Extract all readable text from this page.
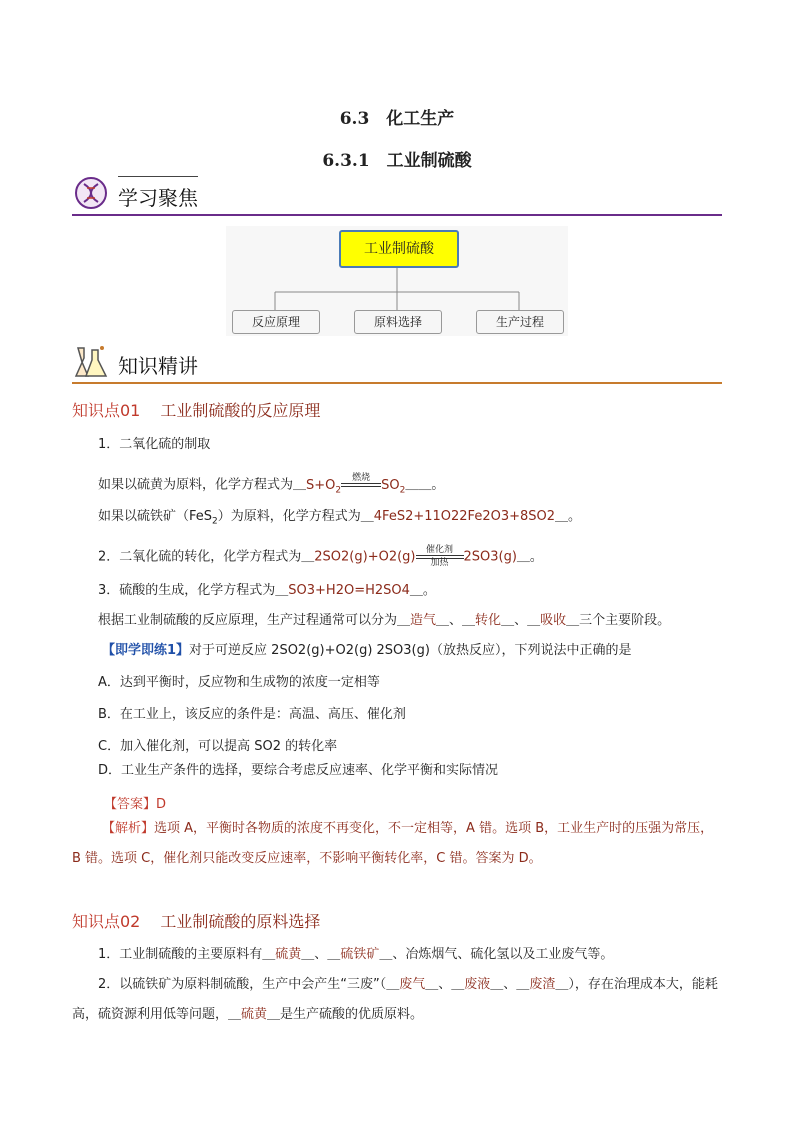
6.3　化工生产
6.3.1　工业制硫酸
学习聚焦
工业制硫酸
反应原理	原料选择	生产过程
知识精讲
知识点01 工业制硫酸的反应原理
1．二氧化硫的制取
如果以硫黄为原料，化学方程式为$\_S+O_2$
燃烧
$SO_2\_\_$。
如果以硫铁矿（FeS$_2$）为原料，化学方程式为＿4FeS2+11O22Fe2O3+8SO2＿。
2．二氧化硫的转化，化学方程式为＿2SO2(g)+O2(g)	催化剂
加热	2SO3(g)＿。
3．硫酸的生成，化学方程式为＿SO3+H2O=H2SO4＿。
根据工业制硫酸的反应原理，生产过程通常可以分为＿造气＿、＿转化＿、＿吸收＿三个主要阶段。
【即学即练1】对于可逆反应 2SO2(g)+O2(g) 2SO3(g)（放热反应），下列说法中正确的是
A．达到平衡时，反应物和生成物的浓度一定相等
B．在工业上，该反应的条件是：高温、高压、催化剂
C．加入催化剂，可以提高 SO2 的转化率
D．工业生产条件的选择，要综合考虑反应速率、化学平衡和实际情况
【答案】D
【解析】选项 A，平衡时各物质的浓度不再变化，不一定相等，A 错。选项 B，工业生产时的压强为常压，B 错。选项 C，催化剂只能改变反应速率，不影响平衡转化率，C 错。答案为 D。
知识点02 工业制硫酸的原料选择
1．工业制硫酸的主要原料有＿硫黄＿、＿硫铁矿＿、冶炼烟气、硫化氢以及工业废气等。
2．以硫铁矿为原料制硫酸，生产中会产生“三废”（＿废气＿、＿废液＿、＿废渣＿），存在治理成本大，能耗高，硫资源利用低等问题，＿硫黄＿是生产硫酸的优质原料。
